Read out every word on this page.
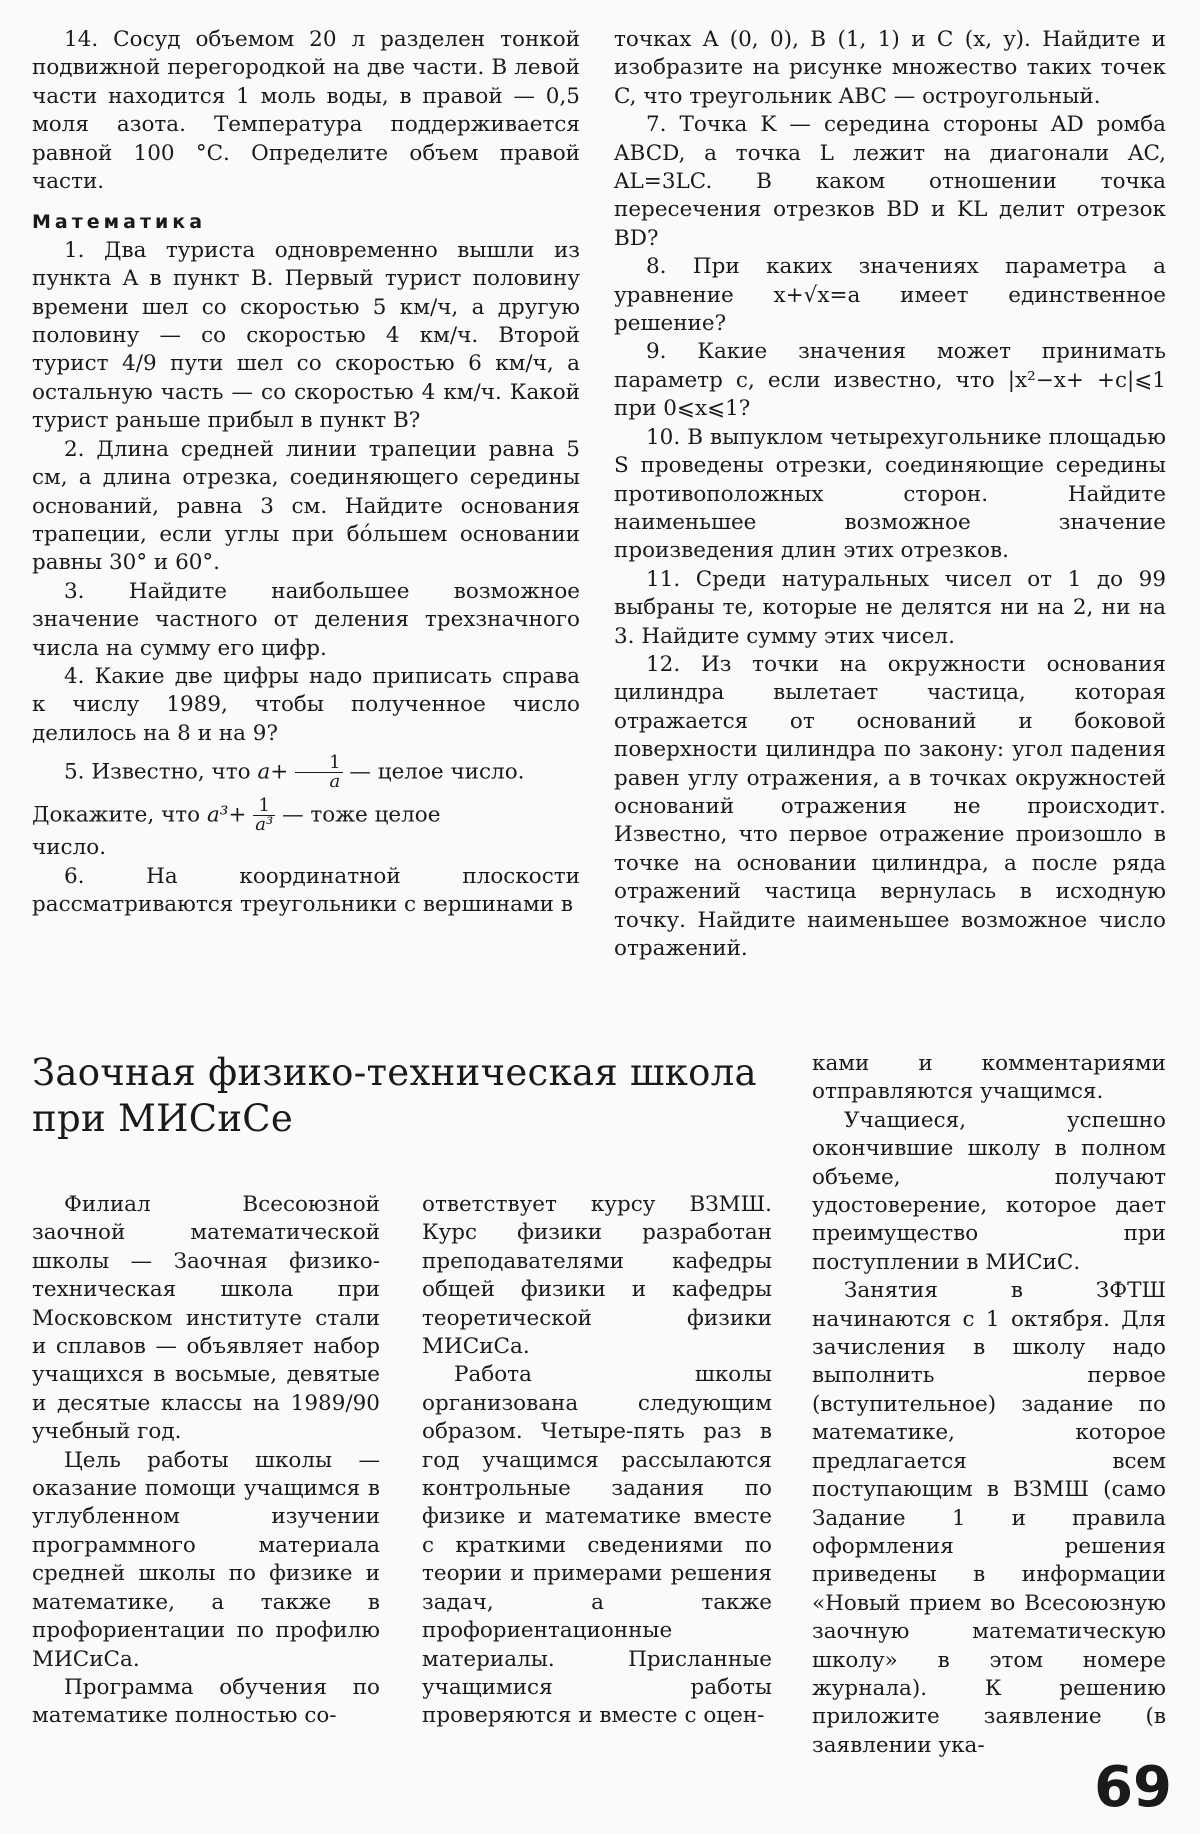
14. Сосуд объемом 20 л разделен тонкой подвижной перегородкой на две части. В левой части находится 1 моль воды, в правой — 0,5 моля азота. Температура поддерживается равной 100 °С. Определите объем правой части.

Математика

1. Два туриста одновременно вышли из пункта A в пункт B. Первый турист половину времени шел со скоростью 5 км/ч, а другую половину — со скоростью 4 км/ч. Второй турист 4/9 пути шел со скоростью 6 км/ч, а остальную часть — со скоростью 4 км/ч. Какой турист раньше прибыл в пункт B?

2. Длина средней линии трапеции равна 5 см, а длина отрезка, соединяющего середины оснований, равна 3 см. Найдите основания трапеции, если углы при бо́льшем основании равны 30° и 60°.

3. Найдите наибольшее возможное значение частного от деления трехзначного числа на сумму его цифр.

4. Какие две цифры надо приписать справа к числу 1989, чтобы полученное число делилось на 8 и на 9?

5. Известно, что $a+ \frac{1}{a}$ — целое число.

Докажите, что $a^3+ \frac{1}{\text{a³}}$ — тоже целое

число.

6. На координатной плоскости рассматриваются треугольники с вершинами в

точках A (0, 0), B (1, 1) и C (x, y). Найдите и изобразите на рисунке множество таких точек C, что треугольник ABC — остроугольный.

7. Точка K — середина стороны AD ромба ABCD, а точка L лежит на диагонали AC, AL=3LC. В каком отношении точка пересечения отрезков BD и KL делит отрезок BD?

8. При каких значениях параметра a уравнение x+√x=a имеет единственное решение?

9. Какие значения может принимать параметр c, если известно, что |x²−x+ +c|⩽1 при 0⩽x⩽1?

10. В выпуклом четырехугольнике площадью S проведены отрезки, соединяющие середины противоположных сторон. Найдите наименьшее возможное значение произведения длин этих отрезков.

11. Среди натуральных чисел от 1 до 99 выбраны те, которые не делятся ни на 2, ни на 3. Найдите сумму этих чисел.

12. Из точки на окружности основания цилиндра вылетает частица, которая отражается от оснований и боковой поверхности цилиндра по закону: угол падения равен углу отражения, а в точках окружностей оснований отражения не происходит. Известно, что первое отражение произошло в точке на основании цилиндра, а после ряда отражений частица вернулась в исходную точку. Найдите наименьшее возможное число отражений.

Заочная физико-техническая школа при МИСиСе

Филиал Всесоюзной заочной математической школы — Заочная физико-техническая школа при Московском институте стали и сплавов — объявляет набор учащихся в восьмые, девятые и десятые классы на 1989/90 учебный год.

Цель работы школы — оказание помощи учащимся в углубленном изучении программного материала средней школы по физике и математике, а также в профориентации по профилю МИСиСа.

Программа обучения по математике полностью со-

ответствует курсу ВЗМШ. Курс физики разработан преподавателями кафедры общей физики и кафедры теоретической физики МИСиСа.

Работа школы организована следующим образом. Четыре-пять раз в год учащимся рассылаются контрольные задания по физике и математике вместе с краткими сведениями по теории и примерами решения задач, а также профориентационные материалы. Присланные учащимися работы проверяются и вместе с оцен-

ками и комментариями отправляются учащимся.

Учащиеся, успешно окончившие школу в полном объеме, получают удостоверение, которое дает преимущество при поступлении в МИСиС.

Занятия в ЗФТШ начинаются с 1 октября. Для зачисления в школу надо выполнить первое (вступительное) задание по математике, которое предлагается всем поступающим в ВЗМШ (само Задание 1 и правила оформления решения приведены в информации «Новый прием во Всесоюзную заочную математическую школу» в этом номере журнала). К решению приложите заявление (в заявлении ука-

69
